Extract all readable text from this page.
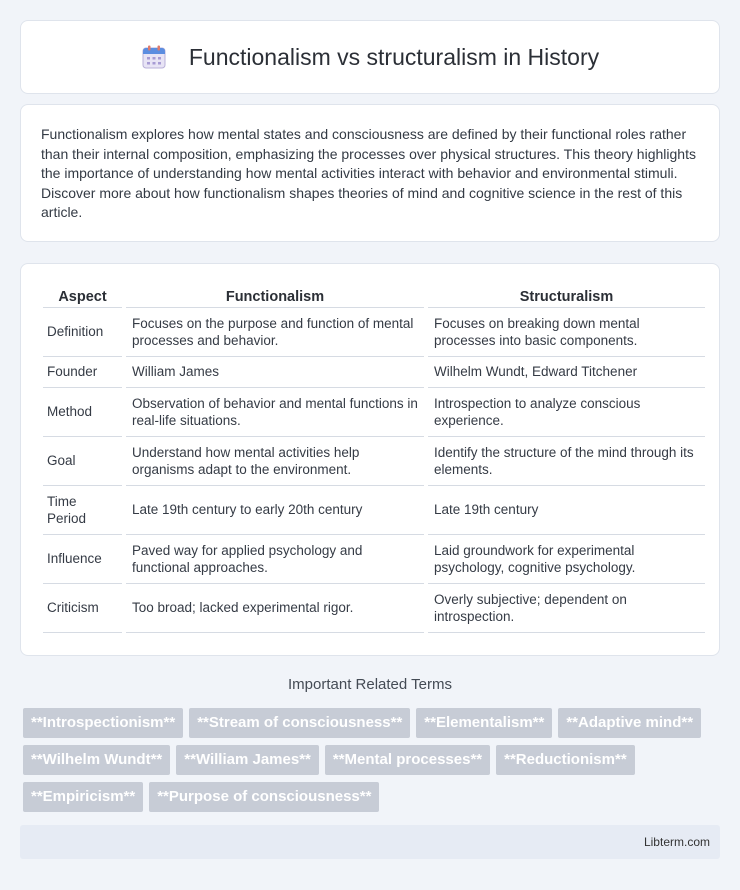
Functionalism vs structuralism in History

Functionalism explores how mental states and consciousness are defined by their functional roles rather than their internal composition, emphasizing the processes over physical structures. This theory highlights the importance of understanding how mental activities interact with behavior and environmental stimuli. Discover more about how functionalism shapes theories of mind and cognitive science in the rest of this article.

Aspect	Functionalism	Structuralism
Definition	Focuses on the purpose and function of mental processes and behavior.	Focuses on breaking down mental processes into basic components.
Founder	William James	Wilhelm Wundt, Edward Titchener
Method	Observation of behavior and mental functions in real-life situations.	Introspection to analyze conscious experience.
Goal	Understand how mental activities help organisms adapt to the environment.	Identify the structure of the mind through its elements.
Time Period	Late 19th century to early 20th century	Late 19th century
Influence	Paved way for applied psychology and functional approaches.	Laid groundwork for experimental psychology, cognitive psychology.
Criticism	Too broad; lacked experimental rigor.	Overly subjective; dependent on introspection.
Important Related Terms
**Introspectionism**	**Stream of consciousness**	**Elementalism**	**Adaptive mind**
**Wilhelm Wundt**	**William James**	**Mental processes**	**Reductionism**
**Empiricism**	**Purpose of consciousness**
Libterm.com
